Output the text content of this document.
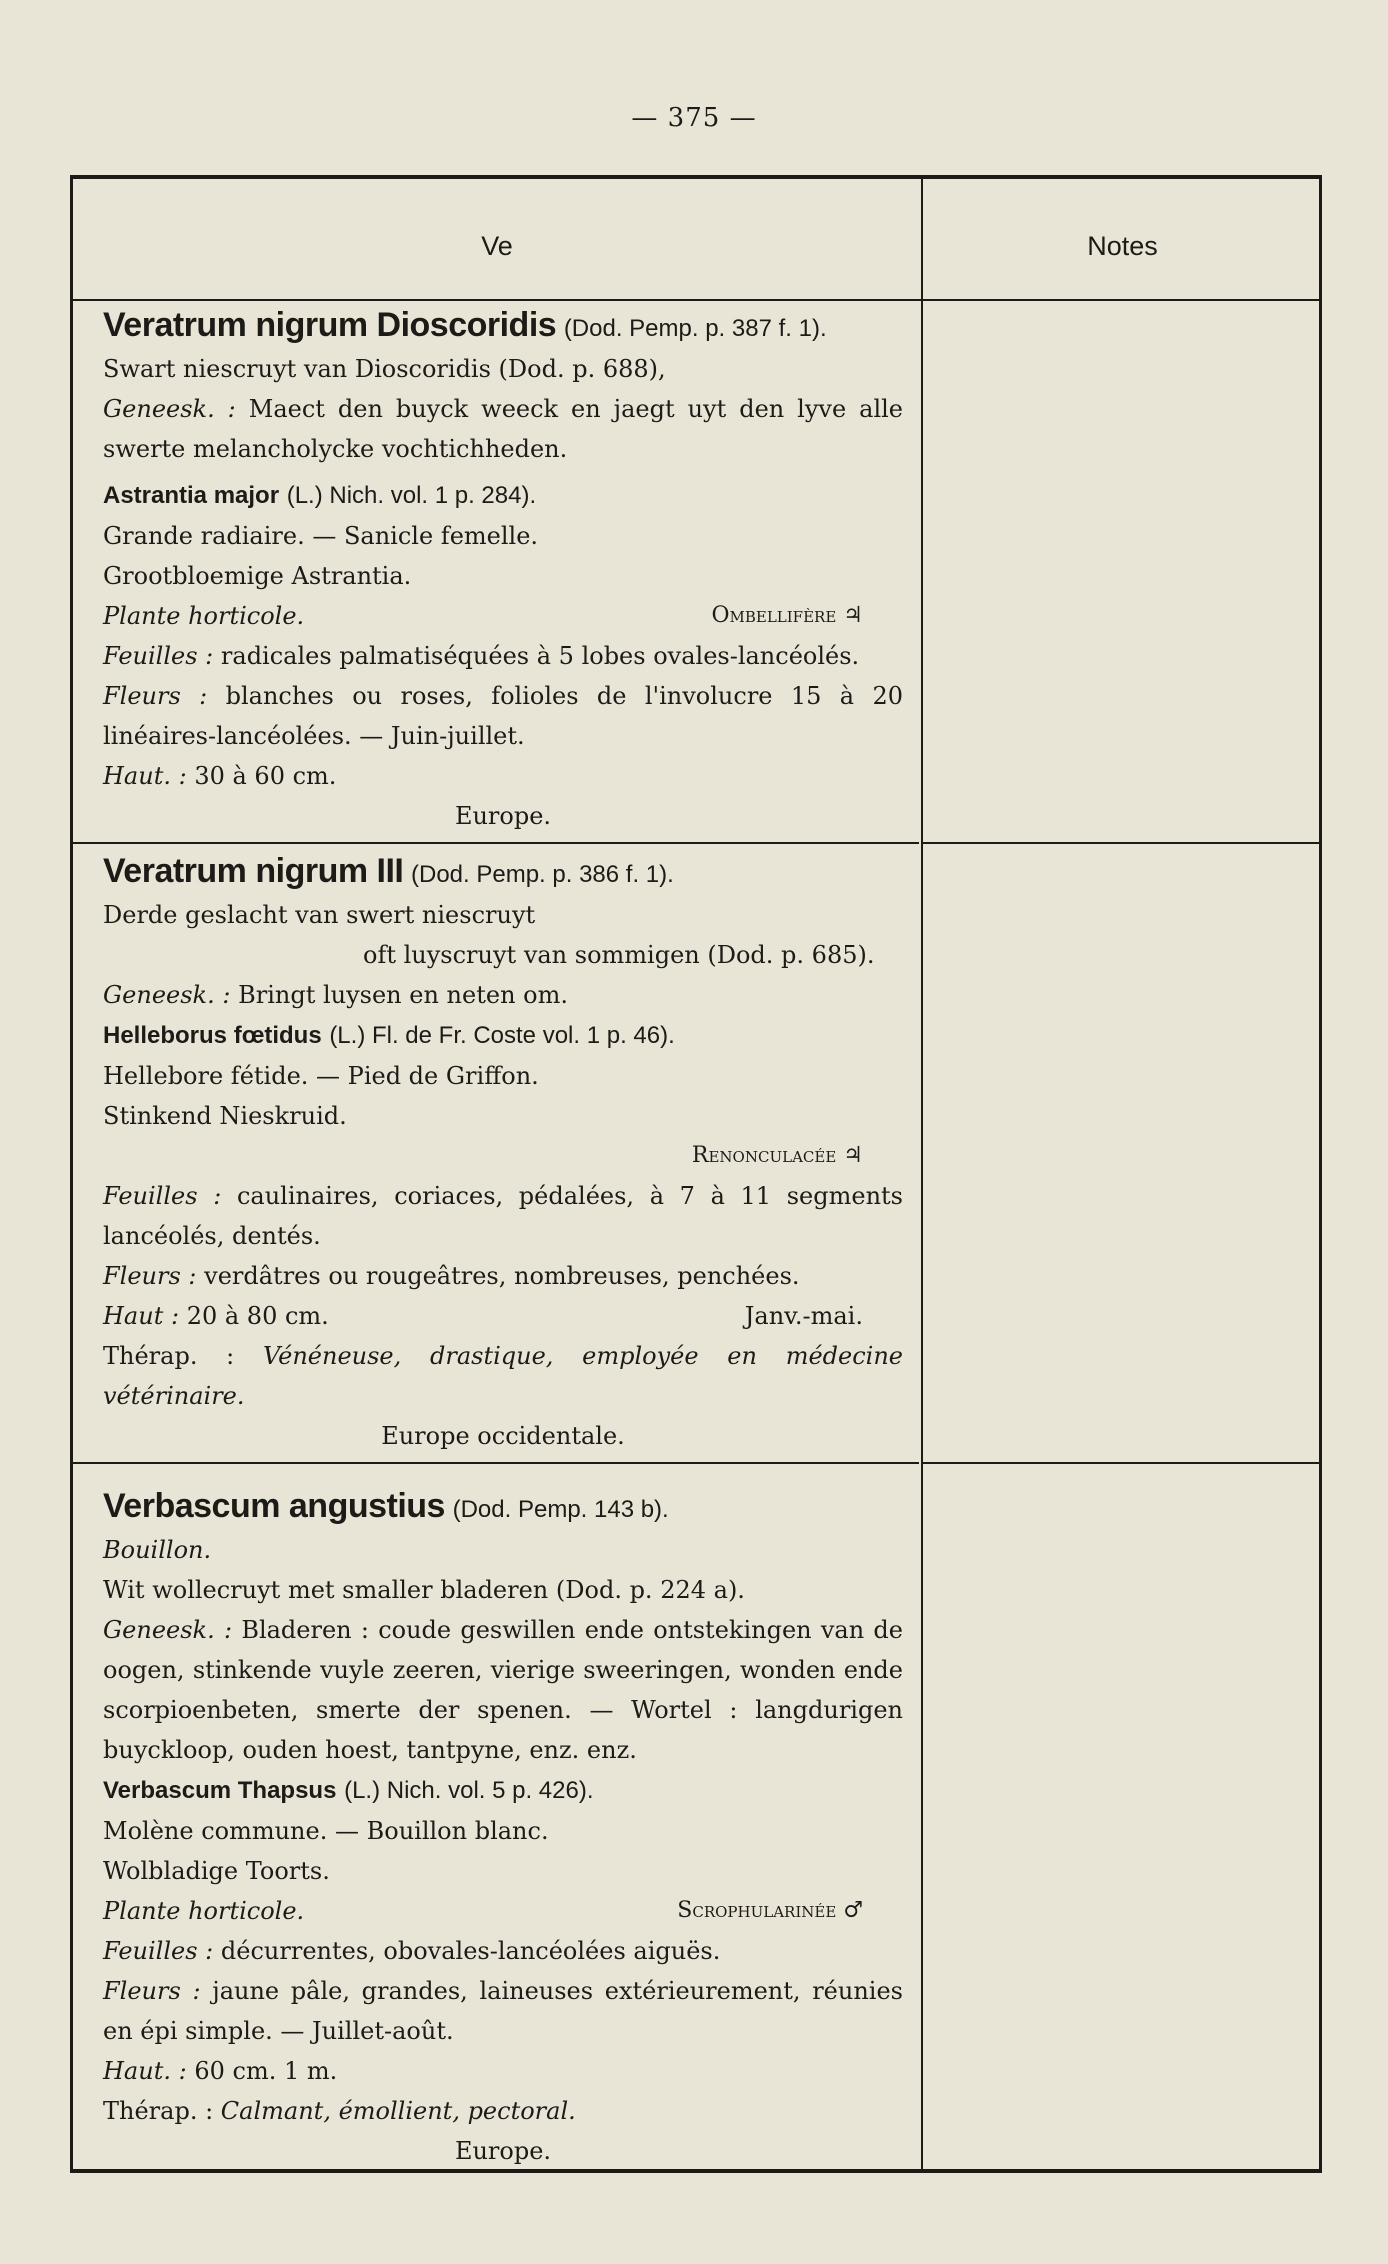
— 375 —
Ve	Notes

Veratrum nigrum Dioscoridis (Dod. Pemp. p. 387 f. 1).

Swart niescruyt van Dioscoridis (Dod. p. 688),

Geneesk. : Maect den buyck weeck en jaegt uyt den lyve alle swerte melancholycke vochtichheden.

Astrantia major (L.) Nich. vol. 1 p. 284).

Grande radiaire. — Sanicle femelle.

Grootbloemige Astrantia.

Plante horticole.	Ombellifère ♃

Feuilles : radicales palmatiséquées à 5 lobes ovales-lancéolés.

Fleurs : blanches ou roses, folioles de l'involucre 15 à 20 linéaires-lancéolées. — Juin-juillet.

Haut. : 30 à 60 cm.

Europe.

Veratrum nigrum III (Dod. Pemp. p. 386 f. 1).

Derde geslacht van swert niescruyt

oft luyscruyt van sommigen (Dod. p. 685).

Geneesk. : Bringt luysen en neten om.

Helleborus fœtidus (L.) Fl. de Fr. Coste vol. 1 p. 46).

Hellebore fétide. — Pied de Griffon.

Stinkend Nieskruid.

Renonculacée ♃

Feuilles : caulinaires, coriaces, pédalées, à 7 à 11 segments lancéolés, dentés.

Fleurs : verdâtres ou rougeâtres, nombreuses, penchées.

Haut : 20 à 80 cm.	Janv.-mai.

Thérap. : Vénéneuse, drastique, employée en médecine vétérinaire.

Europe occidentale.

Verbascum angustius (Dod. Pemp. 143 b).

Bouillon.

Wit wollecruyt met smaller bladeren (Dod. p. 224 a).

Geneesk. : Bladeren : coude geswillen ende ontstekingen van de oogen, stinkende vuyle zeeren, vierige sweeringen, wonden ende scorpioenbeten, smerte der spenen. — Wortel : langdurigen buyckloop, ouden hoest, tantpyne, enz. enz.

Verbascum Thapsus (L.) Nich. vol. 5 p. 426).

Molène commune. — Bouillon blanc.

Wolbladige Toorts.

Plante horticole.	Scrophularinée ♂

Feuilles : décurrentes, obovales-lancéolées aiguës.

Fleurs : jaune pâle, grandes, laineuses extérieurement, réunies en épi simple. — Juillet-août.

Haut. : 60 cm. 1 m.

Thérap. : Calmant, émollient, pectoral.

Europe.
